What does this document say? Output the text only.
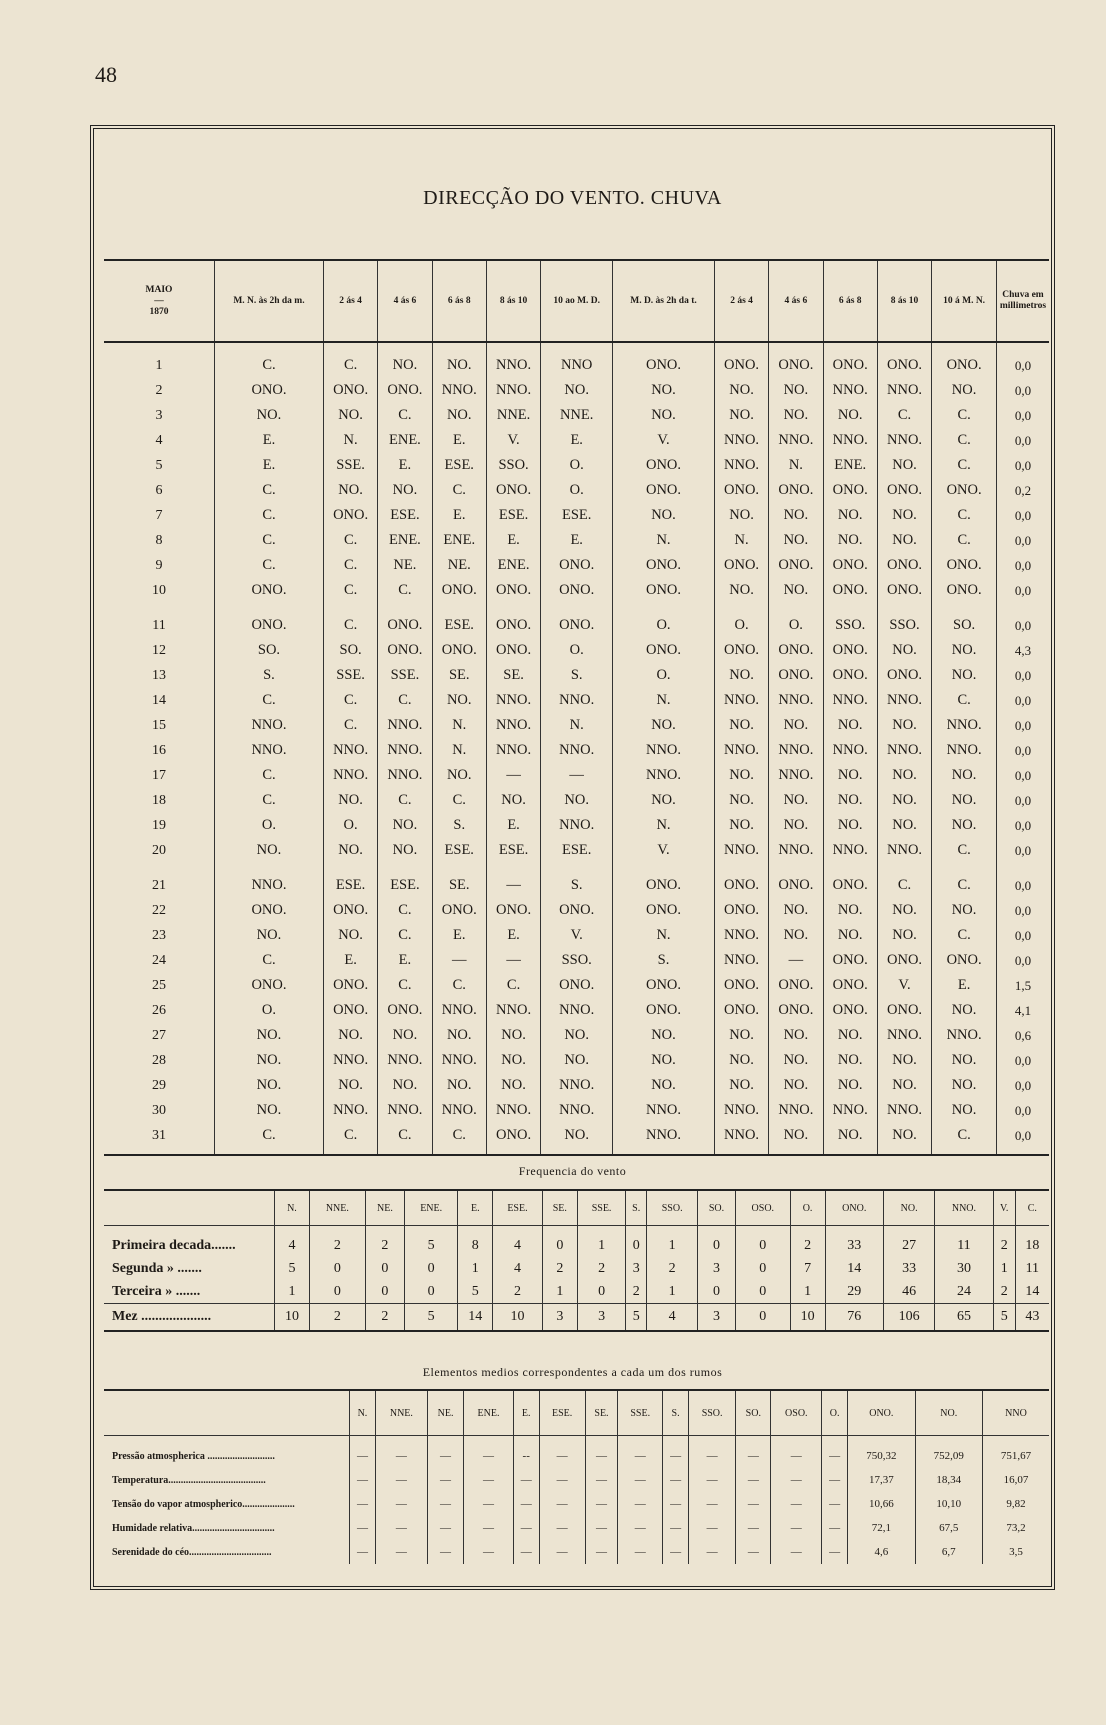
48
DIRECÇÃO DO VENTO. CHUVA
MAIO
—
1870	M. N. às 2h da m.	2 ás 4	4 ás 6	6 ás 8	8 ás 10	10 ao M. D.	M. D. às 2h da t.	2 ás 4	4 ás 6	6 ás 8	8 ás 10	10 á M. N.	Chuva em millimetros
1	C.	C.	NO.	NO.	NNO.	NNO	ONO.	ONO.	ONO.	ONO.	ONO.	ONO.	0,0
2	ONO.	ONO.	ONO.	NNO.	NNO.	NO.	NO.	NO.	NO.	NNO.	NNO.	NO.	0,0
3	NO.	NO.	C.	NO.	NNE.	NNE.	NO.	NO.	NO.	NO.	C.	C.	0,0
4	E.	N.	ENE.	E.	V.	E.	V.	NNO.	NNO.	NNO.	NNO.	C.	0,0
5	E.	SSE.	E.	ESE.	SSO.	O.	ONO.	NNO.	N.	ENE.	NO.	C.	0,0
6	C.	NO.	NO.	C.	ONO.	O.	ONO.	ONO.	ONO.	ONO.	ONO.	ONO.	0,2
7	C.	ONO.	ESE.	E.	ESE.	ESE.	NO.	NO.	NO.	NO.	NO.	C.	0,0
8	C.	C.	ENE.	ENE.	E.	E.	N.	N.	NO.	NO.	NO.	C.	0,0
9	C.	C.	NE.	NE.	ENE.	ONO.	ONO.	ONO.	ONO.	ONO.	ONO.	ONO.	0,0
10	ONO.	C.	C.	ONO.	ONO.	ONO.	ONO.	NO.	NO.	ONO.	ONO.	ONO.	0,0
11	ONO.	C.	ONO.	ESE.	ONO.	ONO.	O.	O.	O.	SSO.	SSO.	SO.	0,0
12	SO.	SO.	ONO.	ONO.	ONO.	O.	ONO.	ONO.	ONO.	ONO.	NO.	NO.	4,3
13	S.	SSE.	SSE.	SE.	SE.	S.	O.	NO.	ONO.	ONO.	ONO.	NO.	0,0
14	C.	C.	C.	NO.	NNO.	NNO.	N.	NNO.	NNO.	NNO.	NNO.	C.	0,0
15	NNO.	C.	NNO.	N.	NNO.	N.	NO.	NO.	NO.	NO.	NO.	NNO.	0,0
16	NNO.	NNO.	NNO.	N.	NNO.	NNO.	NNO.	NNO.	NNO.	NNO.	NNO.	NNO.	0,0
17	C.	NNO.	NNO.	NO.	—	—	NNO.	NO.	NNO.	NO.	NO.	NO.	0,0
18	C.	NO.	C.	C.	NO.	NO.	NO.	NO.	NO.	NO.	NO.	NO.	0,0
19	O.	O.	NO.	S.	E.	NNO.	N.	NO.	NO.	NO.	NO.	NO.	0,0
20	NO.	NO.	NO.	ESE.	ESE.	ESE.	V.	NNO.	NNO.	NNO.	NNO.	C.	0,0
21	NNO.	ESE.	ESE.	SE.	—	S.	ONO.	ONO.	ONO.	ONO.	C.	C.	0,0
22	ONO.	ONO.	C.	ONO.	ONO.	ONO.	ONO.	ONO.	NO.	NO.	NO.	NO.	0,0
23	NO.	NO.	C.	E.	E.	V.	N.	NNO.	NO.	NO.	NO.	C.	0,0
24	C.	E.	E.	—	—	SSO.	S.	NNO.	—	ONO.	ONO.	ONO.	0,0
25	ONO.	ONO.	C.	C.	C.	ONO.	ONO.	ONO.	ONO.	ONO.	V.	E.	1,5
26	O.	ONO.	ONO.	NNO.	NNO.	NNO.	ONO.	ONO.	ONO.	ONO.	ONO.	NO.	4,1
27	NO.	NO.	NO.	NO.	NO.	NO.	NO.	NO.	NO.	NO.	NNO.	NNO.	0,6
28	NO.	NNO.	NNO.	NNO.	NO.	NO.	NO.	NO.	NO.	NO.	NO.	NO.	0,0
29	NO.	NO.	NO.	NO.	NO.	NNO.	NO.	NO.	NO.	NO.	NO.	NO.	0,0
30	NO.	NNO.	NNO.	NNO.	NNO.	NNO.	NNO.	NNO.	NNO.	NNO.	NNO.	NO.	0,0
31	C.	C.	C.	C.	ONO.	NO.	NNO.	NNO.	NO.	NO.	NO.	C.	0,0
Frequencia do vento
	N.	NNE.	NE.	ENE.	E.	ESE.	SE.	SSE.	S.	SSO.	SO.	OSO.	O.	ONO.	NO.	NNO.	V.	C.
Primeira decada.......	4	2	2	5	8	4	0	1	0	1	0	0	2	33	27	11	2	18
Segunda » .......	5	0	0	0	1	4	2	2	3	2	3	0	7	14	33	30	1	11
Terceira » .......	1	0	0	0	5	2	1	0	2	1	0	0	1	29	46	24	2	14
Mez ....................	10	2	2	5	14	10	3	3	5	4	3	0	10	76	106	65	5	43
Elementos medios correspondentes a cada um dos rumos
	N.	NNE.	NE.	ENE.	E.	ESE.	SE.	SSE.	S.	SSO.	SO.	OSO.	O.	ONO.	NO.	NNO
Pressão atmospherica ...........................	—	—	—	—	--	—	—	—	—	—	—	—	—	750,32	752,09	751,67
Temperatura.......................................	—	—	—	—	—	—	—	—	—	—	—	—	—	17,37	18,34	16,07
Tensão do vapor atmospherico.....................	—	—	—	—	—	—	—	—	—	—	—	—	—	10,66	10,10	9,82
Humidade relativa.................................	—	—	—	—	—	—	—	—	—	—	—	—	—	72,1	67,5	73,2
Serenidade do céo.................................	—	—	—	—	—	—	—	—	—	—	—	—	—	4,6	6,7	3,5
